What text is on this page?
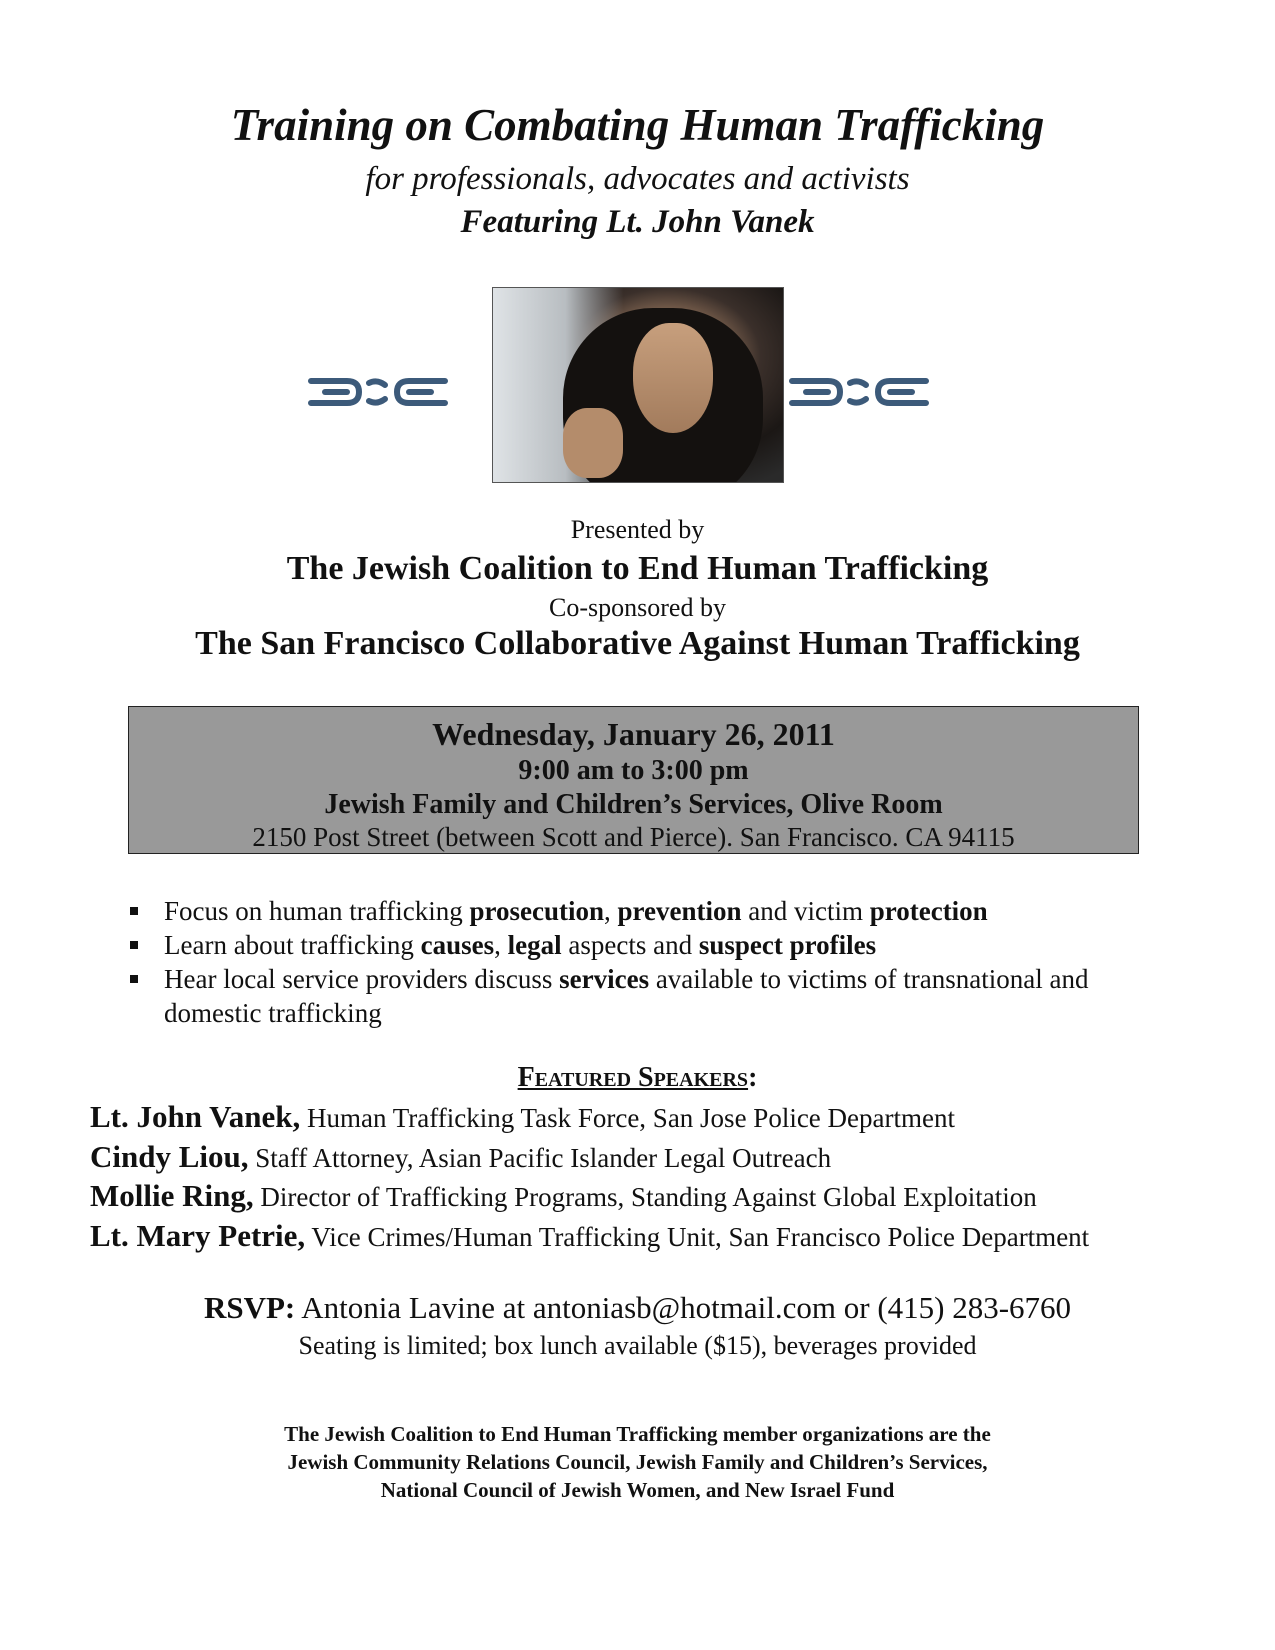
Training on Combating Human Trafficking
for professionals, advocates and activists
Featuring Lt. John Vanek
Presented by
The Jewish Coalition to End Human Trafficking
Co-sponsored by
The San Francisco Collaborative Against Human Trafficking
Wednesday, January 26, 2011
9:00 am to 3:00 pm
Jewish Family and Children’s Services, Olive Room
2150 Post Street (between Scott and Pierce). San Francisco. CA 94115
Focus on human trafficking prosecution, prevention and victim protection
Learn about trafficking causes, legal aspects and suspect profiles
Hear local service providers discuss services available to victims of transnational and domestic trafficking
Featured Speakers:
Lt. John Vanek, Human Trafficking Task Force, San Jose Police Department
Cindy Liou, Staff Attorney, Asian Pacific Islander Legal Outreach
Mollie Ring, Director of Trafficking Programs, Standing Against Global Exploitation
Lt. Mary Petrie, Vice Crimes/Human Trafficking Unit, San Francisco Police Department
RSVP: Antonia Lavine at antoniasb@hotmail.com or (415) 283-6760
Seating is limited; box lunch available ($15), beverages provided
The Jewish Coalition to End Human Trafficking member organizations are the
Jewish Community Relations Council, Jewish Family and Children’s Services,
National Council of Jewish Women, and New Israel Fund
